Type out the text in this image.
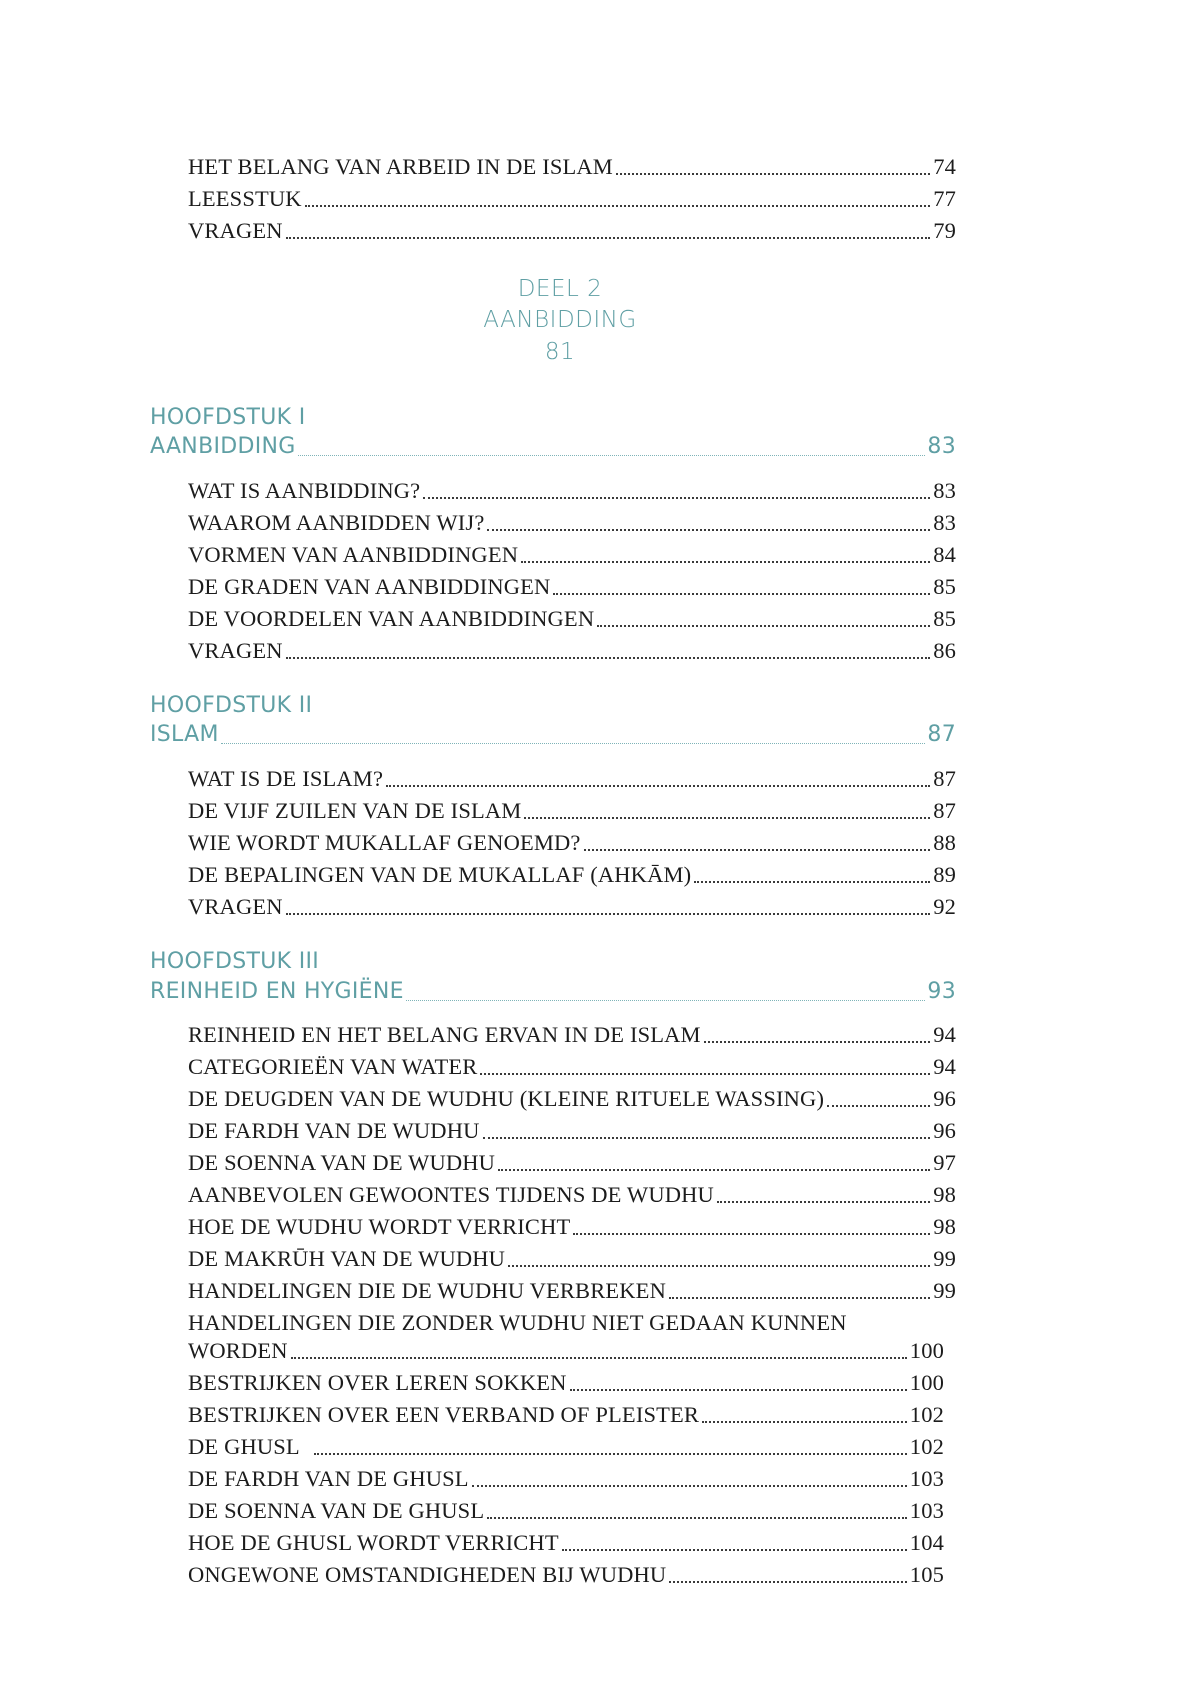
HET BELANG VAN ARBEID IN DE ISLAM	74
LEESSTUK	77
VRAGEN	79
DEEL 2
AANBIDDING
81
HOOFDSTUK I
AANBIDDING	83
WAT IS AANBIDDING?	83
WAAROM AANBIDDEN WIJ?	83
VORMEN VAN AANBIDDINGEN	84
DE GRADEN VAN AANBIDDINGEN	85
DE VOORDELEN VAN AANBIDDINGEN	85
VRAGEN	86
HOOFDSTUK II
ISLAM	87
WAT IS DE ISLAM?	87
DE VIJF ZUILEN VAN DE ISLAM	87
WIE WORDT MUKALLAF GENOEMD?	88
DE BEPALINGEN VAN DE MUKALLAF (AHKĀM)	89
VRAGEN	92
HOOFDSTUK III
REINHEID EN HYGIËNE	93
REINHEID EN HET BELANG ERVAN IN DE ISLAM	94
CATEGORIEËN VAN WATER	94
DE DEUGDEN VAN DE WUDHU (KLEINE RITUELE WASSING)	96
DE FARDH VAN DE WUDHU	96
DE SOENNA VAN DE WUDHU	97
AANBEVOLEN GEWOONTES TIJDENS DE WUDHU	98
HOE DE WUDHU WORDT VERRICHT	98
DE MAKRŪH VAN DE WUDHU	99
HANDELINGEN DIE DE WUDHU VERBREKEN	99
HANDELINGEN DIE ZONDER WUDHU NIET GEDAAN KUNNEN
WORDEN	100
BESTRIJKEN OVER LEREN SOKKEN	100
BESTRIJKEN OVER EEN VERBAND OF PLEISTER	102
DE GHUSL	102
DE FARDH VAN DE GHUSL	103
DE SOENNA VAN DE GHUSL	103
HOE DE GHUSL WORDT VERRICHT	104
ONGEWONE OMSTANDIGHEDEN BIJ WUDHU	105
